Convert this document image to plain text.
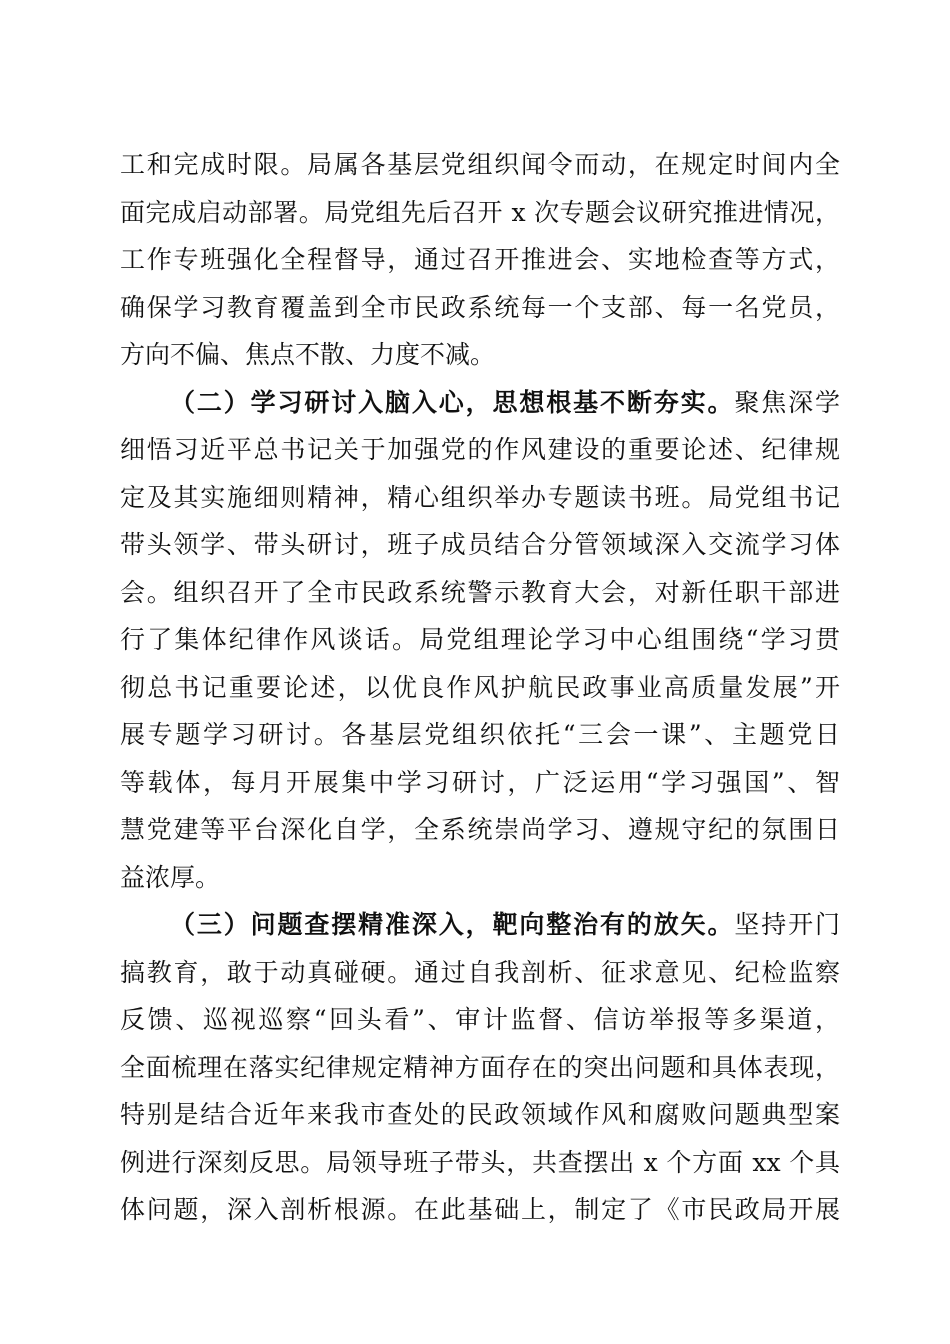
工和完成时限。局属各基层党组织闻令而动，在规定时间内全
面完成启动部署。局党组先后召开 x 次专题会议研究推进情况，
工作专班强化全程督导，通过召开推进会、实地检查等方式，
确保学习教育覆盖到全市民政系统每一个支部、每一名党员，
方向不偏、焦点不散、力度不减。
（二）学习研讨入脑入心，思想根基不断夯实。聚焦深学
细悟习近平总书记关于加强党的作风建设的重要论述、纪律规
定及其实施细则精神，精心组织举办专题读书班。局党组书记
带头领学、带头研讨，班子成员结合分管领域深入交流学习体
会。组织召开了全市民政系统警示教育大会，对新任职干部进
行了集体纪律作风谈话。局党组理论学习中心组围绕“学习贯
彻总书记重要论述，以优良作风护航民政事业高质量发展”开
展专题学习研讨。各基层党组织依托“三会一课”、主题党日
等载体，每月开展集中学习研讨，广泛运用“学习强国”、智
慧党建等平台深化自学，全系统崇尚学习、遵规守纪的氛围日
益浓厚。
（三）问题查摆精准深入，靶向整治有的放矢。坚持开门
搞教育，敢于动真碰硬。通过自我剖析、征求意见、纪检监察
反馈、巡视巡察“回头看”、审计监督、信访举报等多渠道，
全面梳理在落实纪律规定精神方面存在的突出问题和具体表现，
特别是结合近年来我市查处的民政领域作风和腐败问题典型案
例进行深刻反思。局领导班子带头，共查摆出 x 个方面 xx 个具
体问题，深入剖析根源。在此基础上，制定了《市民政局开展
